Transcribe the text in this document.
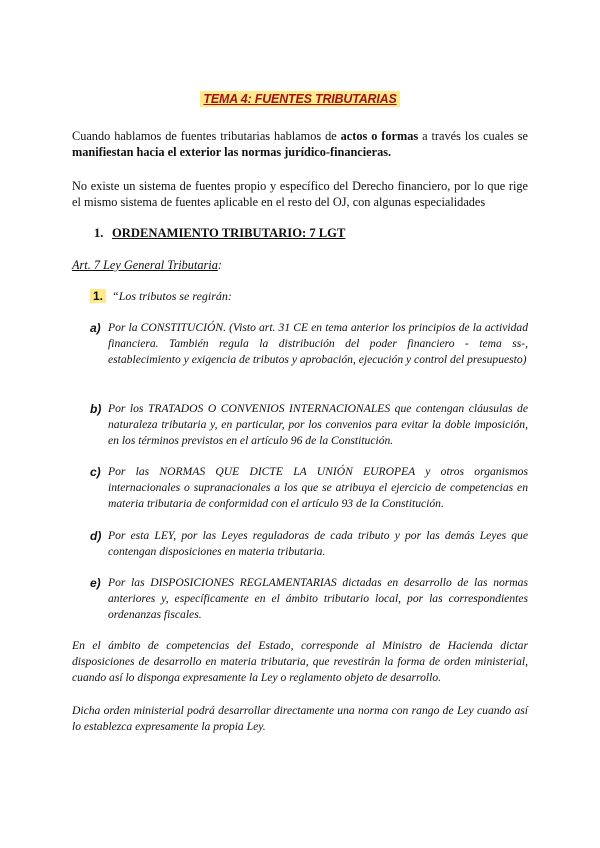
TEMA 4: FUENTES TRIBUTARIAS
Cuando hablamos de fuentes tributarias hablamos de actos o formas a través los cuales se manifiestan hacia el exterior las normas jurídico-financieras.
No existe un sistema de fuentes propio y específico del Derecho financiero, por lo que rige el mismo sistema de fuentes aplicable en el resto del OJ, con algunas especialidades
1. ORDENAMIENTO TRIBUTARIO: 7 LGT
Art. 7 Ley General Tributaria:
1. “Los tributos se regirán:
a) Por la CONSTITUCIÓN. (Visto art. 31 CE en tema anterior los principios de la actividad financiera. También regula la distribución del poder financiero - tema ss-, establecimiento y exigencia de tributos y aprobación, ejecución y control del presupuesto)
b) Por los TRATADOS O CONVENIOS INTERNACIONALES que contengan cláusulas de naturaleza tributaria y, en particular, por los convenios para evitar la doble imposición, en los términos previstos en el artículo 96 de la Constitución.
c) Por las NORMAS QUE DICTE LA UNIÓN EUROPEA y otros organismos internacionales o supranacionales a los que se atribuya el ejercicio de competencias en materia tributaria de conformidad con el artículo 93 de la Constitución.
d) Por esta LEY, por las Leyes reguladoras de cada tributo y por las demás Leyes que contengan disposiciones en materia tributaria.
e) Por las DISPOSICIONES REGLAMENTARIAS dictadas en desarrollo de las normas anteriores y, específicamente en el ámbito tributario local, por las correspondientes ordenanzas fiscales.
En el ámbito de competencias del Estado, corresponde al Ministro de Hacienda dictar disposiciones de desarrollo en materia tributaria, que revestirán la forma de orden ministerial, cuando así lo disponga expresamente la Ley o reglamento objeto de desarrollo.
Dicha orden ministerial podrá desarrollar directamente una norma con rango de Ley cuando así lo establezca expresamente la propia Ley.
